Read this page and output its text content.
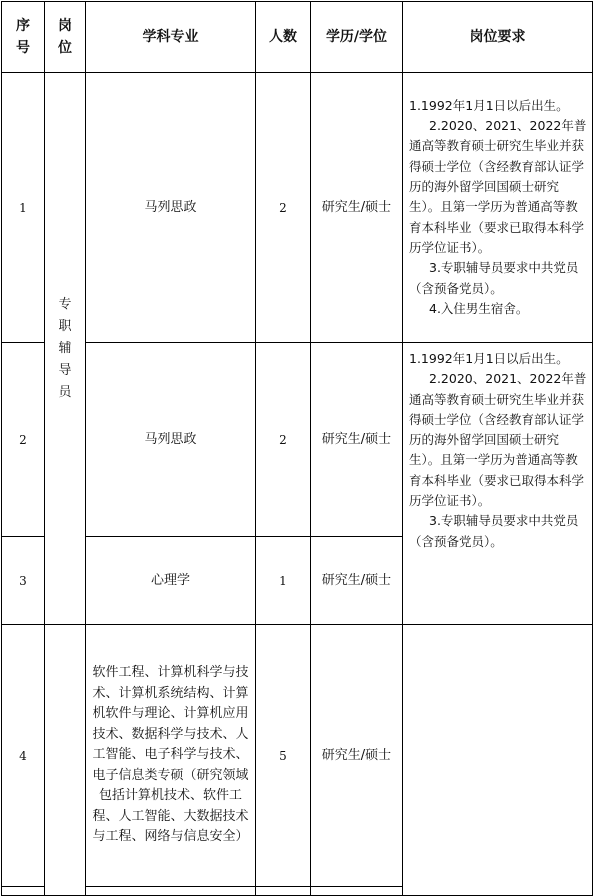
序号	岗位	学科专业	人数	学历/学位	岗位要求
1	专职辅导员	马列思政	2	研究生/硕士	1.1992年1月1日以后出生。
2.2020、2021、2022年普通高等教育硕士研究生毕业并获得硕士学位（含经教育部认证学历的海外留学回国硕士研究生）。且第一学历为普通高等教育本科毕业（要求已取得本科学历学位证书）。
3.专职辅导员要求中共党员（含预备党员）。
4.入住男生宿舍。

2		马列思政	2	研究生/硕士	1.1992年1月1日以后出生。
2.2020、2021、2022年普通高等教育硕士研究生毕业并获得硕士学位（含经教育部认证学历的海外留学回国硕士研究生）。且第一学历为普通高等教育本科毕业（要求已取得本科学历学位证书）。
3.专职辅导员要求中共党员（含预备党员）。

3		心理学	1	研究生/硕士	
4		软件工程、计算机科学与技术、计算机系统结构、计算机软件与理论、计算机应用技术、数据科学与技术、人工智能、电子科学与技术、电子信息类专硕（研究领域包括计算机技术、软件工程、人工智能、大数据技术与工程、网络与信息安全）	5	研究生/硕士	
